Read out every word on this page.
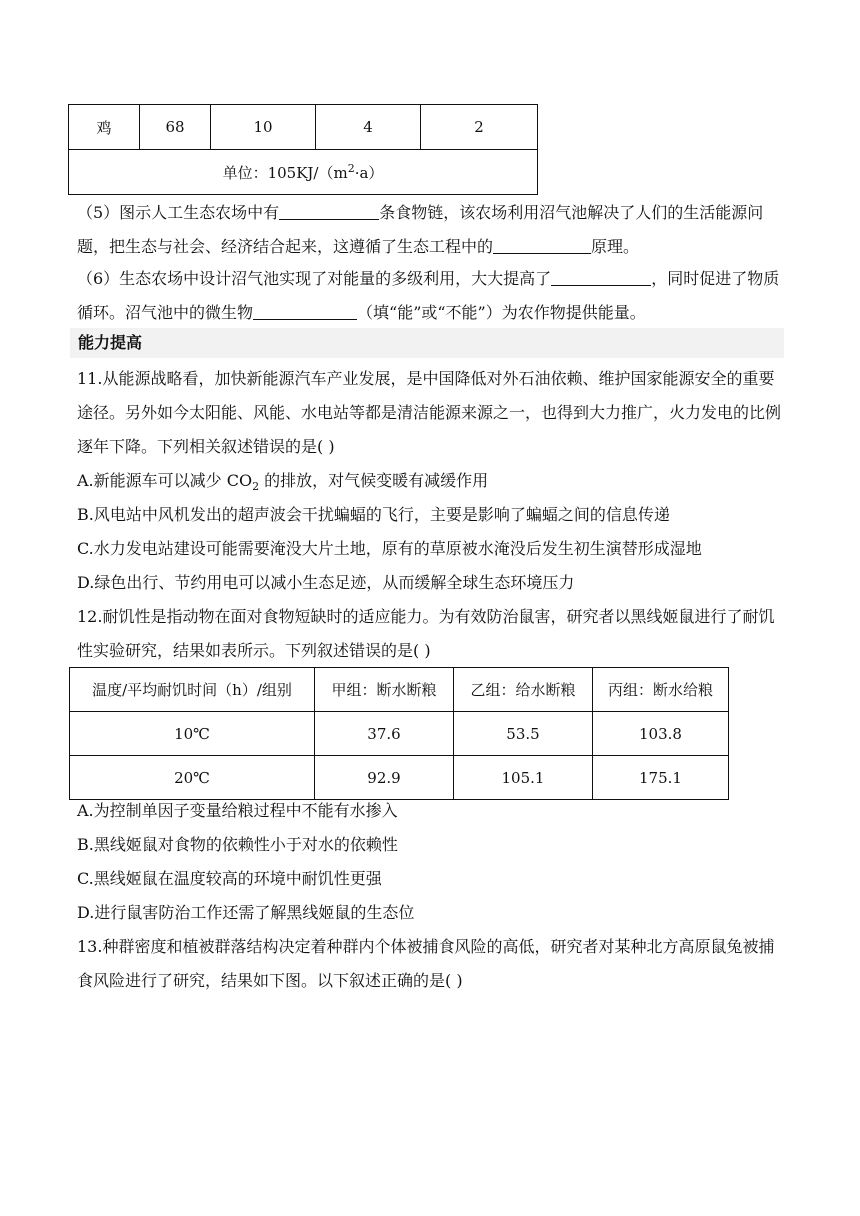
鸡	68	10	4	2
单位：$105KJ/(m^2\cdot a)$

（5）图示人工生态农场中有	条食物链，该农场利用沼气池解决了人们的生活能源问题，把生态与社会、经济结合起来，这遵循了生态工程中的	原理。

（6）生态农场中设计沼气池实现了对能量的多级利用，大大提高了	，同时促进了物质循环。沼气池中的微生物	（填“能”或“不能”）为农作物提供能量。

能力提高

11.从能源战略看，加快新能源汽车产业发展，是中国降低对外石油依赖、维护国家能源安全的重要途径。另外如今太阳能、风能、水电站等都是清洁能源来源之一，也得到大力推广，火力发电的比例逐年下降。下列相关叙述错误的是( )

A.新能源车可以减少 $CO_2$ 的排放，对气候变暖有减缓作用

B.风电站中风机发出的超声波会干扰蝙蝠的飞行，主要是影响了蝙蝠之间的信息传递

C.水力发电站建设可能需要淹没大片土地，原有的草原被水淹没后发生初生演替形成湿地

D.绿色出行、节约用电可以减小生态足迹，从而缓解全球生态环境压力

12.耐饥性是指动物在面对食物短缺时的适应能力。为有效防治鼠害，研究者以黑线姬鼠进行了耐饥性实验研究，结果如表所示。下列叙述错误的是( )

温度/平均耐饥时间（h）/组别	甲组：断水断粮	乙组：给水断粮	丙组：断水给粮
10℃	37.6	53.5	103.8
20℃	92.9	105.1	175.1

A.为控制单因子变量给粮过程中不能有水掺入

B.黑线姬鼠对食物的依赖性小于对水的依赖性

C.黑线姬鼠在温度较高的环境中耐饥性更强

D.进行鼠害防治工作还需了解黑线姬鼠的生态位

13.种群密度和植被群落结构决定着种群内个体被捕食风险的高低，研究者对某种北方高原鼠兔被捕食风险进行了研究，结果如下图。以下叙述正确的是( )
